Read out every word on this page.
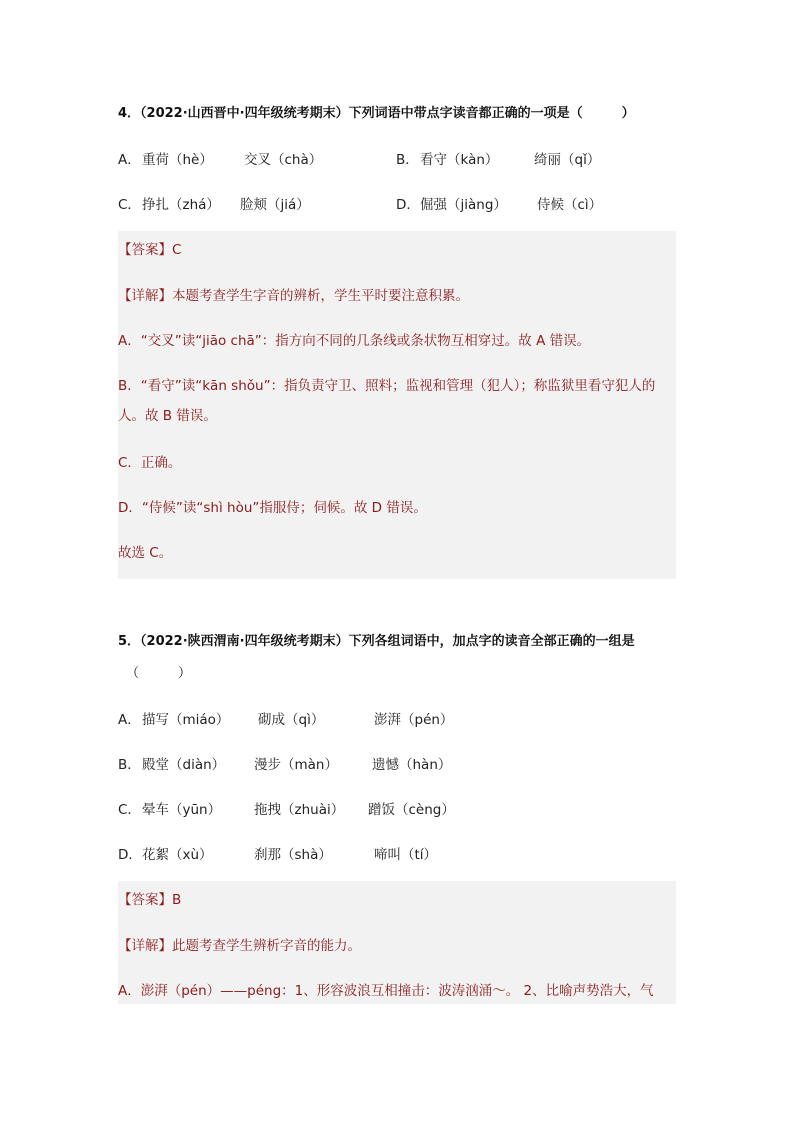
4．（2022·山西晋中·四年级统考期末）下列词语中带点字读音都正确的一项是（　　　）
A． 重荷（hè） 交叉（chà）	B． 看守（kàn）	绮丽（qǐ）
C． 挣扎（zhá） 脸颊（jiá）	D． 倔强（jiàng） 侍候（cì）
【答案】C
【详解】本题考查学生字音的辨析，学生平时要注意积累。
A．“交叉”读“jiāo chā”：指方向不同的几条线或条状物互相穿过。故 A 错误。
B．“看守”读“kān shǒu”：指负责守卫、照料；监视和管理（犯人）；称监狱里看守犯人的
人。故 B 错误。
C．正确。
D．“侍候”读“shì hòu”指服侍；伺候。故 D 错误。
故选 C。
5．（2022·陕西渭南·四年级统考期末）下列各组词语中，加点字的读音全部正确的一组是
（　　　）
A． 描写（miáo） 砌成（qì）	澎湃（pén）
B． 殿堂（diàn） 漫步（màn）	遗憾（hàn）
C． 晕车（yūn） 拖拽（zhuài） 蹭饭（cèng）
D． 花絮（xù）	刹那（shà）	啼叫（tí）
【答案】B
【详解】此题考查学生辨析字音的能力。
A．澎湃（pén）——péng：1、形容波浪互相撞击：波涛汹涌～。 2、比喻声势浩大，气
